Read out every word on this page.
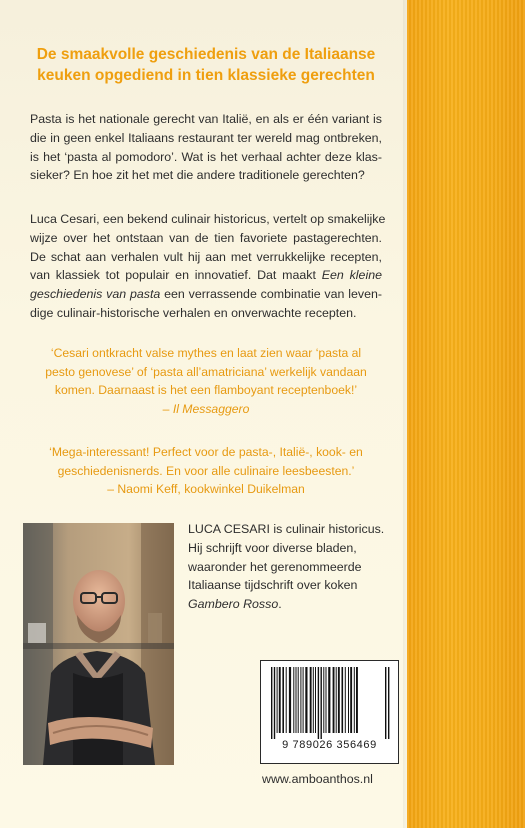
De smaakvolle geschiedenis van de Italiaanse
keuken opgediend in tien klassieke gerechten
Pasta is het nationale gerecht van Italië, en als er één variant is
die in geen enkel Italiaans restaurant ter wereld mag ontbreken,
is het ‘pasta al pomodoro’. Wat is het verhaal achter deze klas-
sieker? En hoe zit het met die andere traditionele gerechten?
Luca Cesari, een bekend culinair historicus, vertelt op smakelijke
wijze over het ontstaan van de tien favoriete pastagerechten.
De schat aan verhalen vult hij aan met verrukkelijke recepten,
van klassiek tot populair en innovatief. Dat maakt Een kleine
geschiedenis van pasta een verrassende combinatie van leven-
dige culinair-historische verhalen en onverwachte recepten.
‘Cesari ontkracht valse mythes en laat zien waar ‘pasta al
pesto genovese’ of ‘pasta all’amatriciana’ werkelijk vandaan
komen. Daarnaast is het een flamboyant receptenboek!’
– Il Messaggero
‘Mega-interessant! Perfect voor de pasta-, Italië-, kook- en
geschiedenisnerds. En voor alle culinaire leesbeesten.’
– Naomi Keff, kookwinkel Duikelman
LUCA CESARI is culinair historicus.
Hij schrijft voor diverse bladen,
waaronder het gerenommeerde
Italiaanse tijdschrift over koken
Gambero Rosso.
9 789026 356469
www.amboanthos.nl
